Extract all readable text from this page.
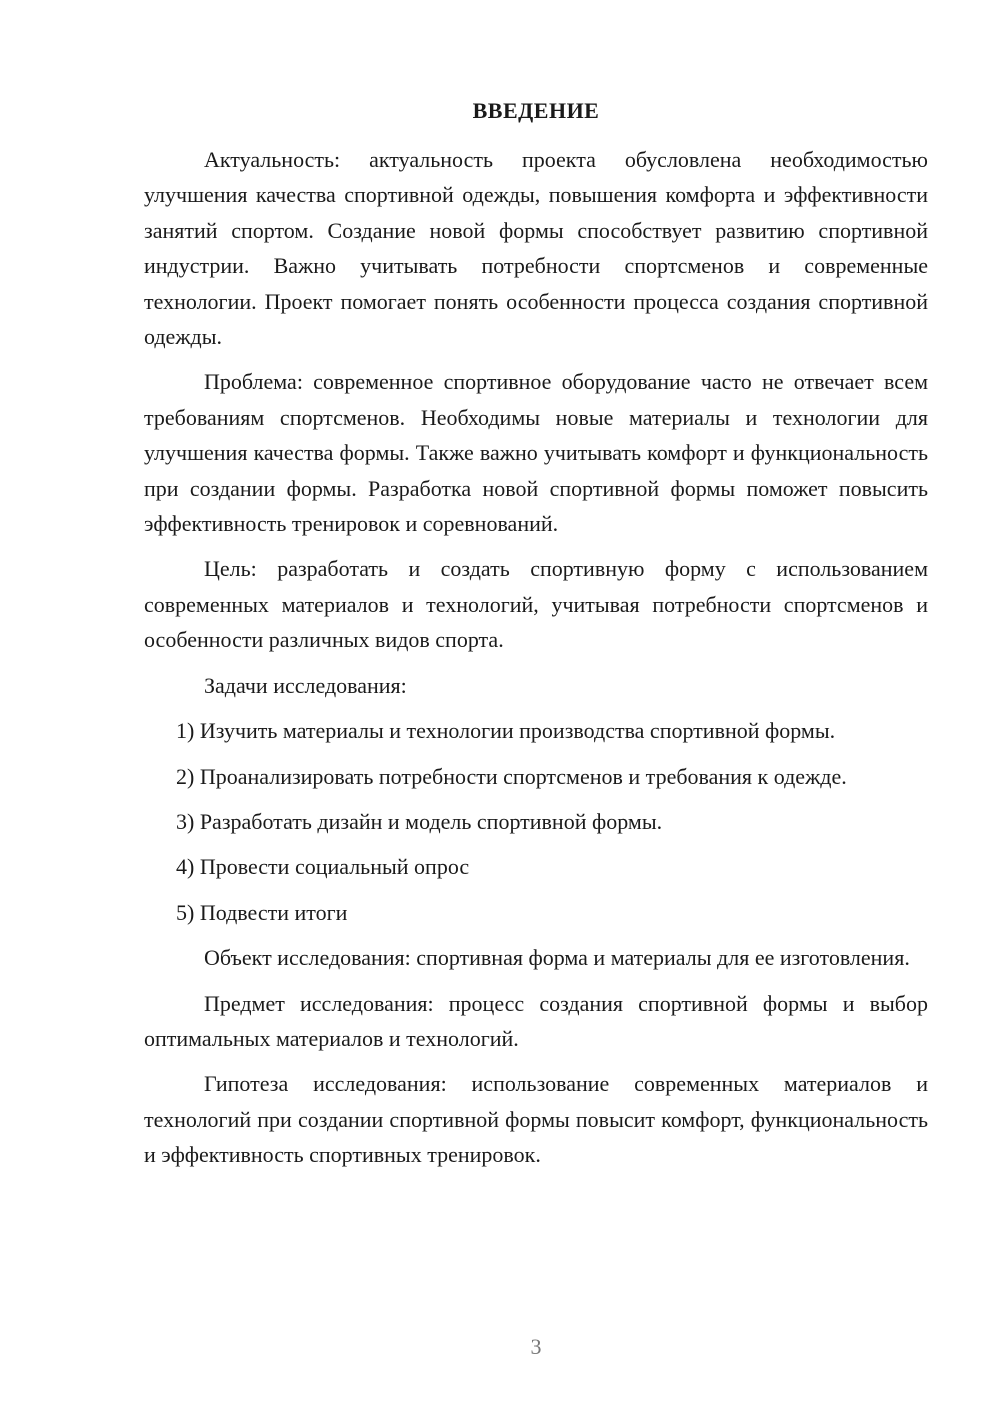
ВВЕДЕНИЕ

Актуальность: актуальность проекта обусловлена необходимостью улучшения качества спортивной одежды, повышения комфорта и эффективности занятий спортом. Создание новой формы способствует развитию спортивной индустрии. Важно учитывать потребности спортсменов и современные технологии. Проект помогает понять особенности процесса создания спортивной одежды.

Проблема: современное спортивное оборудование часто не отвечает всем требованиям спортсменов. Необходимы новые материалы и технологии для улучшения качества формы. Также важно учитывать комфорт и функциональность при создании формы. Разработка новой спортивной формы поможет повысить эффективность тренировок и соревнований.

Цель: разработать и создать спортивную форму с использованием современных материалов и технологий, учитывая потребности спортсменов и особенности различных видов спорта.

Задачи исследования:

1) Изучить материалы и технологии производства спортивной формы.

2) Проанализировать потребности спортсменов и требования к одежде.

3) Разработать дизайн и модель спортивной формы.

4) Провести социальный опрос

5) Подвести итоги

Объект исследования: спортивная форма и материалы для ее изготовления.

Предмет исследования: процесс создания спортивной формы и выбор оптимальных материалов и технологий.

Гипотеза исследования: использование современных материалов и технологий при создании спортивной формы повысит комфорт, функциональность и эффективность спортивных тренировок.

3
